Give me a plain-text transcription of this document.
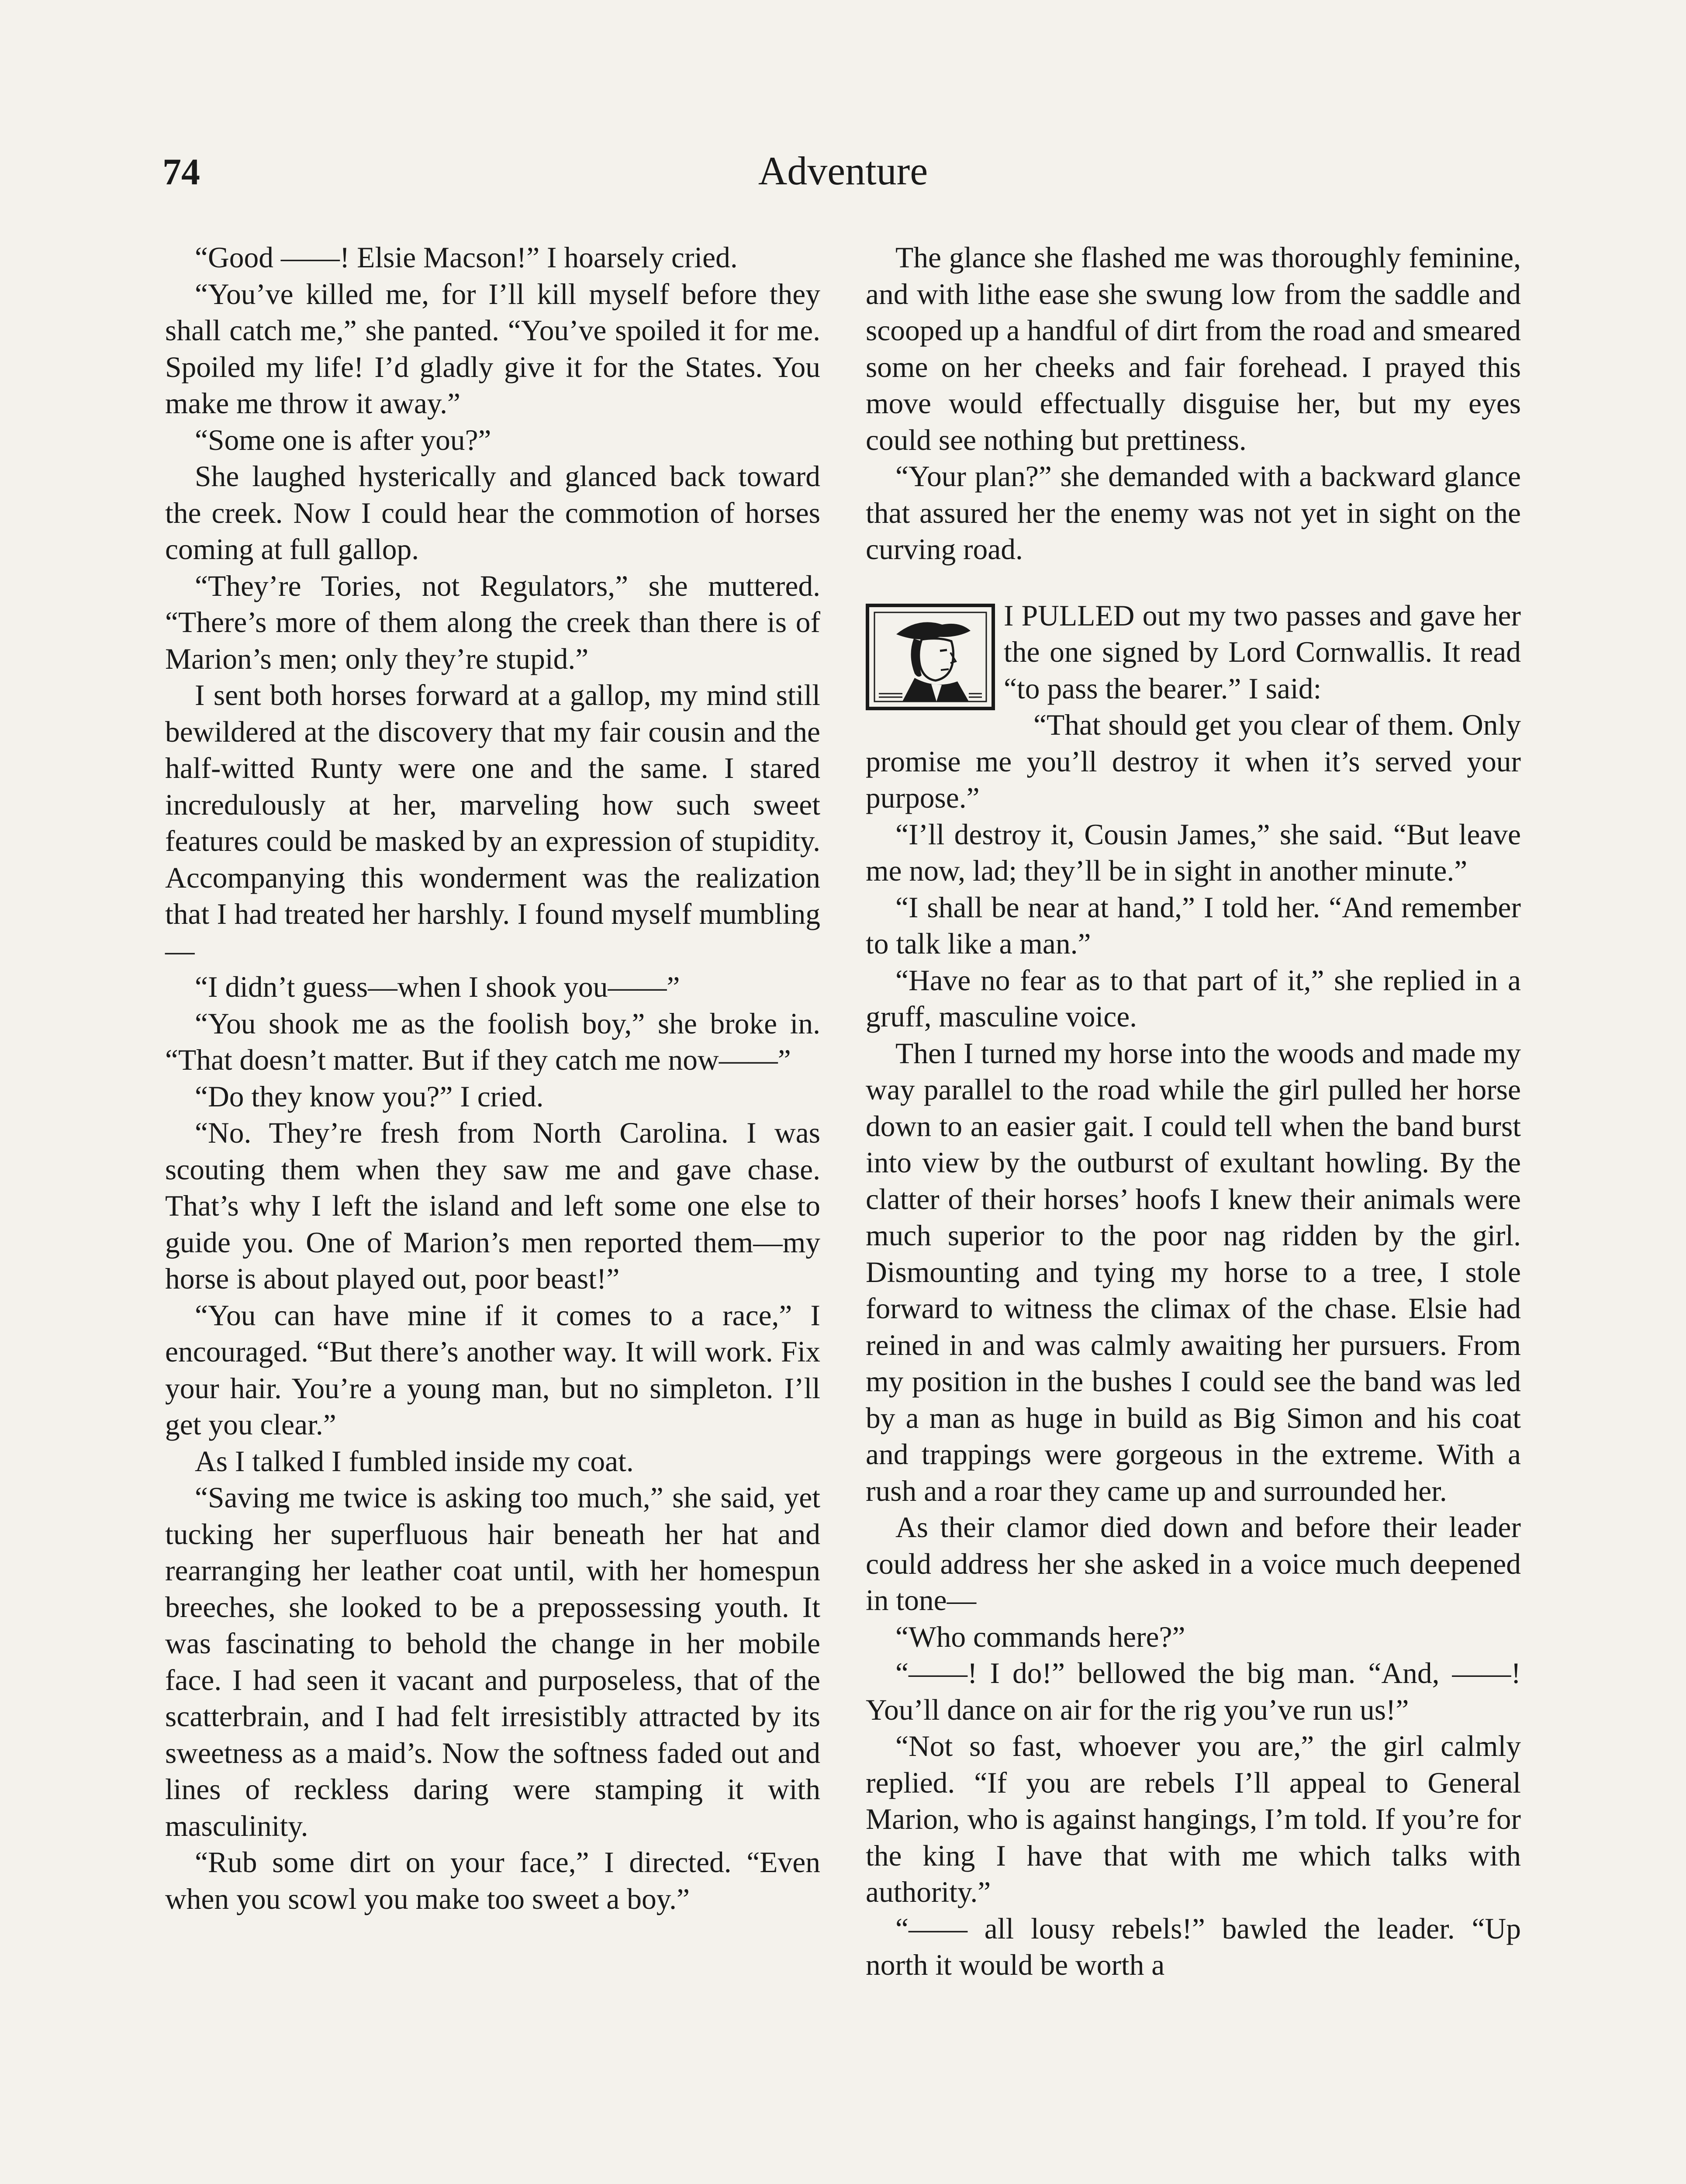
74	Adventure

“Good ——! Elsie Macson!” I hoarsely cried.

“You’ve killed me, for I’ll kill myself before they shall catch me,” she panted. “You’ve spoiled it for me. Spoiled my life! I’d gladly give it for the States. You make me throw it away.”

“Some one is after you?”

She laughed hysterically and glanced back toward the creek. Now I could hear the commotion of horses coming at full gallop.

“They’re Tories, not Regulators,” she muttered. “There’s more of them along the creek than there is of Marion’s men; only they’re stupid.”

I sent both horses forward at a gallop, my mind still bewildered at the discovery that my fair cousin and the half-witted Runty were one and the same. I stared incredulously at her, marveling how such sweet features could be masked by an expression of stupidity. Accompanying this wonderment was the realization that I had treated her harshly. I found myself mumbling—

“I didn’t guess—when I shook you——”

“You shook me as the foolish boy,” she broke in. “That doesn’t matter. But if they catch me now——”

“Do they know you?” I cried.

“No. They’re fresh from North Carolina. I was scouting them when they saw me and gave chase. That’s why I left the island and left some one else to guide you. One of Marion’s men reported them—my horse is about played out, poor beast!”

“You can have mine if it comes to a race,” I encouraged. “But there’s another way. It will work. Fix your hair. You’re a young man, but no simpleton. I’ll get you clear.”

As I talked I fumbled inside my coat.

“Saving me twice is asking too much,” she said, yet tucking her superfluous hair beneath her hat and rearranging her leather coat until, with her homespun breeches, she looked to be a prepossessing youth. It was fascinating to behold the change in her mobile face. I had seen it vacant and purposeless, that of the scatterbrain, and I had felt irresistibly attracted by its sweetness as a maid’s. Now the softness faded out and lines of reckless daring were stamping it with masculinity.

“Rub some dirt on your face,” I directed. “Even when you scowl you make too sweet a boy.”

The glance she flashed me was thoroughly feminine, and with lithe ease she swung low from the saddle and scooped up a handful of dirt from the road and smeared some on her cheeks and fair forehead. I prayed this move would effectually disguise her, but my eyes could see nothing but prettiness.

“Your plan?” she demanded with a backward glance that assured her the enemy was not yet in sight on the curving road.

I PULLED out my two passes and gave her the one signed by Lord Cornwallis. It read “to pass the bearer.” I said:

“That should get you clear of them. Only promise me you’ll destroy it when it’s served your purpose.”

“I’ll destroy it, Cousin James,” she said. “But leave me now, lad; they’ll be in sight in another minute.”

“I shall be near at hand,” I told her. “And remember to talk like a man.”

“Have no fear as to that part of it,” she replied in a gruff, masculine voice.

Then I turned my horse into the woods and made my way parallel to the road while the girl pulled her horse down to an easier gait. I could tell when the band burst into view by the outburst of exultant howling. By the clatter of their horses’ hoofs I knew their animals were much superior to the poor nag ridden by the girl. Dismounting and tying my horse to a tree, I stole forward to witness the climax of the chase. Elsie had reined in and was calmly awaiting her pursuers. From my position in the bushes I could see the band was led by a man as huge in build as Big Simon and his coat and trappings were gorgeous in the extreme. With a rush and a roar they came up and surrounded her.

As their clamor died down and before their leader could address her she asked in a voice much deepened in tone—

“Who commands here?”

“——! I do!” bellowed the big man. “And, ——! You’ll dance on air for the rig you’ve run us!”

“Not so fast, whoever you are,” the girl calmly replied. “If you are rebels I’ll appeal to General Marion, who is against hangings, I’m told. If you’re for the king I have that with me which talks with authority.”

“—— all lousy rebels!” bawled the leader. “Up north it would be worth a
